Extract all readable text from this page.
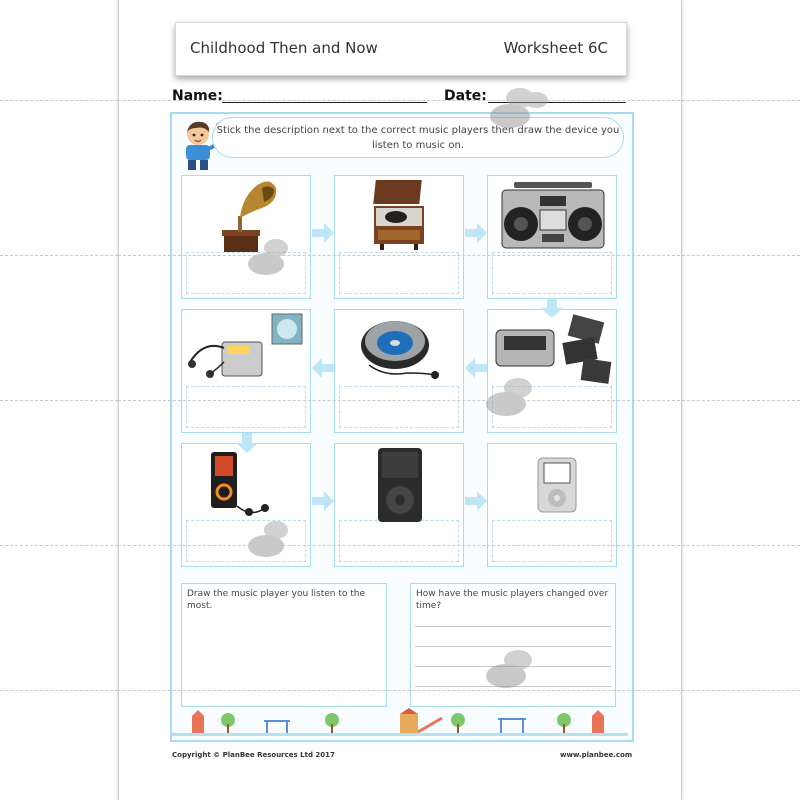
Childhood Then and Now	Worksheet 6C
Name:	Date:
Stick the description next to the correct music players then draw the device you listen to music on.
Draw the music player you listen to the most.
How have the music players changed over time?
Copyright © PlanBee Resources Ltd 2017	www.planbee.com
